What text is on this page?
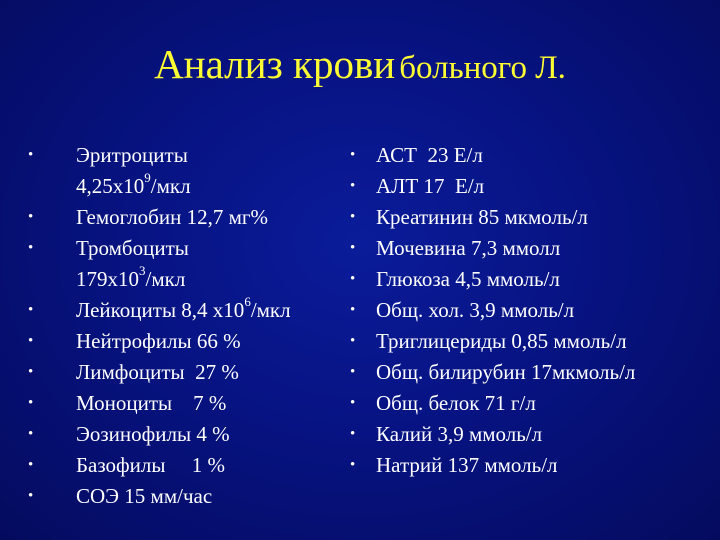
Анализ крови больного Л.
• Эритроциты
$4,25х10^9$/мкл
• Гемоглобин 12,7 мг%
• Тромбоциты
$179х10^3$/мкл
• Лейкоциты 8,4 $х10^6$/мкл
• Нейтрофилы 66 %
• Лимфоциты  27 %
• Моноциты    7 %
• Эозинофилы 4 %
• Базофилы     1 %
• СОЭ 15 мм/час
• АСТ  23 Е/л
• АЛТ 17  Е/л
• Креатинин 85 мкмоль/л
• Мочевина 7,3 ммолл
• Глюкоза 4,5 ммоль/л
• Общ. хол. 3,9 ммоль/л
• Триглицериды 0,85 ммоль/л
• Общ. билирубин 17мкмоль/л
• Общ. белок 71 г/л
• Калий 3,9 ммоль/л
• Натрий 137 ммоль/л
